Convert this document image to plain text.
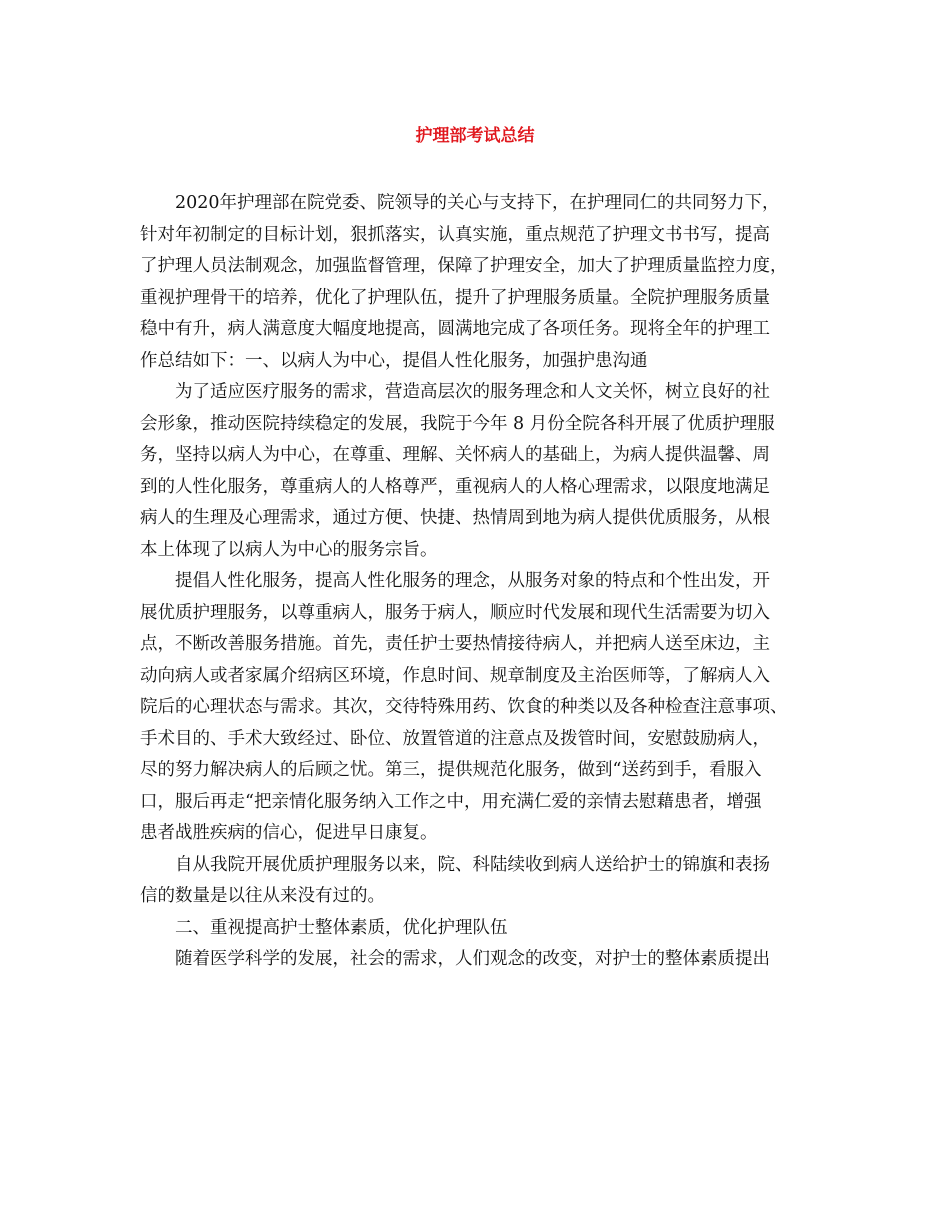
护理部考试总结
2020年护理部在院党委、院领导的关心与支持下，在护理同仁的共同努力下，
针对年初制定的目标计划，狠抓落实，认真实施，重点规范了护理文书书写，提高
了护理人员法制观念，加强监督管理，保障了护理安全，加大了护理质量监控力度，
重视护理骨干的培养，优化了护理队伍，提升了护理服务质量。全院护理服务质量
稳中有升，病人满意度大幅度地提高，圆满地完成了各项任务。现将全年的护理工
作总结如下：一、以病人为中心，提倡人性化服务，加强护患沟通
为了适应医疗服务的需求，营造高层次的服务理念和人文关怀，树立良好的社
会形象，推动医院持续稳定的发展，我院于今年 8 月份全院各科开展了优质护理服
务，坚持以病人为中心，在尊重、理解、关怀病人的基础上，为病人提供温馨、周
到的人性化服务，尊重病人的人格尊严，重视病人的人格心理需求，以限度地满足
病人的生理及心理需求，通过方便、快捷、热情周到地为病人提供优质服务，从根
本上体现了以病人为中心的服务宗旨。
提倡人性化服务，提高人性化服务的理念，从服务对象的特点和个性出发，开
展优质护理服务，以尊重病人，服务于病人，顺应时代发展和现代生活需要为切入
点，不断改善服务措施。首先，责任护士要热情接待病人，并把病人送至床边，主
动向病人或者家属介绍病区环境，作息时间、规章制度及主治医师等，了解病人入
院后的心理状态与需求。其次，交待特殊用药、饮食的种类以及各种检查注意事项、
手术目的、手术大致经过、卧位、放置管道的注意点及拨管时间，安慰鼓励病人，
尽的努力解决病人的后顾之忧。第三，提供规范化服务，做到“送药到手，看服入
口，服后再走“把亲情化服务纳入工作之中，用充满仁爱的亲情去慰藉患者，增强
患者战胜疾病的信心，促进早日康复。
自从我院开展优质护理服务以来，院、科陆续收到病人送给护士的锦旗和表扬
信的数量是以往从来没有过的。
二、重视提高护士整体素质，优化护理队伍
随着医学科学的发展，社会的需求，人们观念的改变，对护士的整体素质提出
